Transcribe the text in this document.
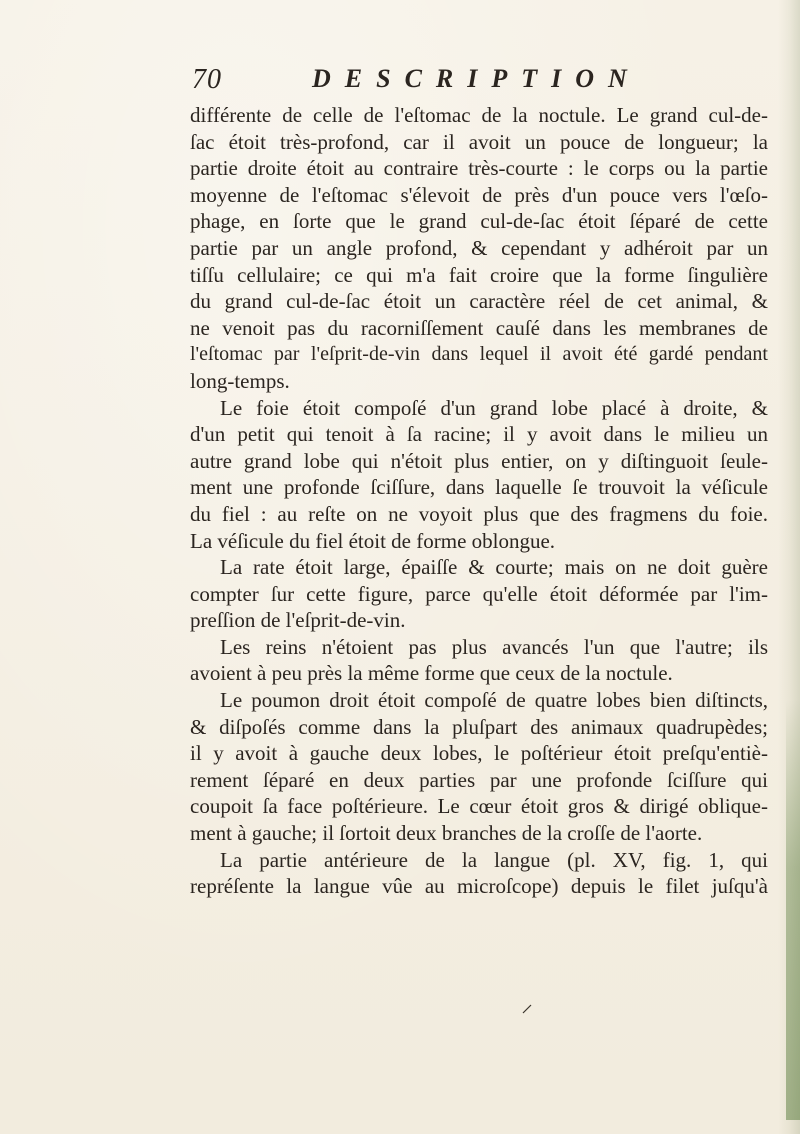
70	DESCRIPTION
différente de celle de l'eſtomac de la noctule. Le grand cul-de-
ſac étoit très-profond, car il avoit un pouce de longueur; la
partie droite étoit au contraire très-courte : le corps ou la partie
moyenne de l'eſtomac s'élevoit de près d'un pouce vers l'œſo-
phage, en ſorte que le grand cul-de-ſac étoit ſéparé de cette
partie par un angle profond, & cependant y adhéroit par un
tiſſu cellulaire; ce qui m'a fait croire que la forme ſingulière
du grand cul-de-ſac étoit un caractère réel de cet animal, &
ne venoit pas du racorniſſement cauſé dans les membranes de
l'eſtomac par l'eſprit-de-vin dans lequel il avoit été gardé pendant
long-temps.
Le foie étoit compoſé d'un grand lobe placé à droite, &
d'un petit qui tenoit à ſa racine; il y avoit dans le milieu un
autre grand lobe qui n'étoit plus entier, on y diſtinguoit ſeule-
ment une profonde ſciſſure, dans laquelle ſe trouvoit la véſicule
du fiel : au reſte on ne voyoit plus que des fragmens du foie.
La véſicule du fiel étoit de forme oblongue.
La rate étoit large, épaiſſe & courte; mais on ne doit guère
compter ſur cette figure, parce qu'elle étoit déformée par l'im-
preſſion de l'eſprit-de-vin.
Les reins n'étoient pas plus avancés l'un que l'autre; ils
avoient à peu près la même forme que ceux de la noctule.
Le poumon droit étoit compoſé de quatre lobes bien diſtincts,
& diſpoſés comme dans la pluſpart des animaux quadrupèdes;
il y avoit à gauche deux lobes, le poſtérieur étoit preſqu'entiè-
rement ſéparé en deux parties par une profonde ſciſſure qui
coupoit ſa face poſtérieure. Le cœur étoit gros & dirigé oblique-
ment à gauche; il ſortoit deux branches de la croſſe de l'aorte.
La partie antérieure de la langue (pl. XV, fig. 1, qui
repréſente la langue vûe au microſcope) depuis le filet juſqu'à
